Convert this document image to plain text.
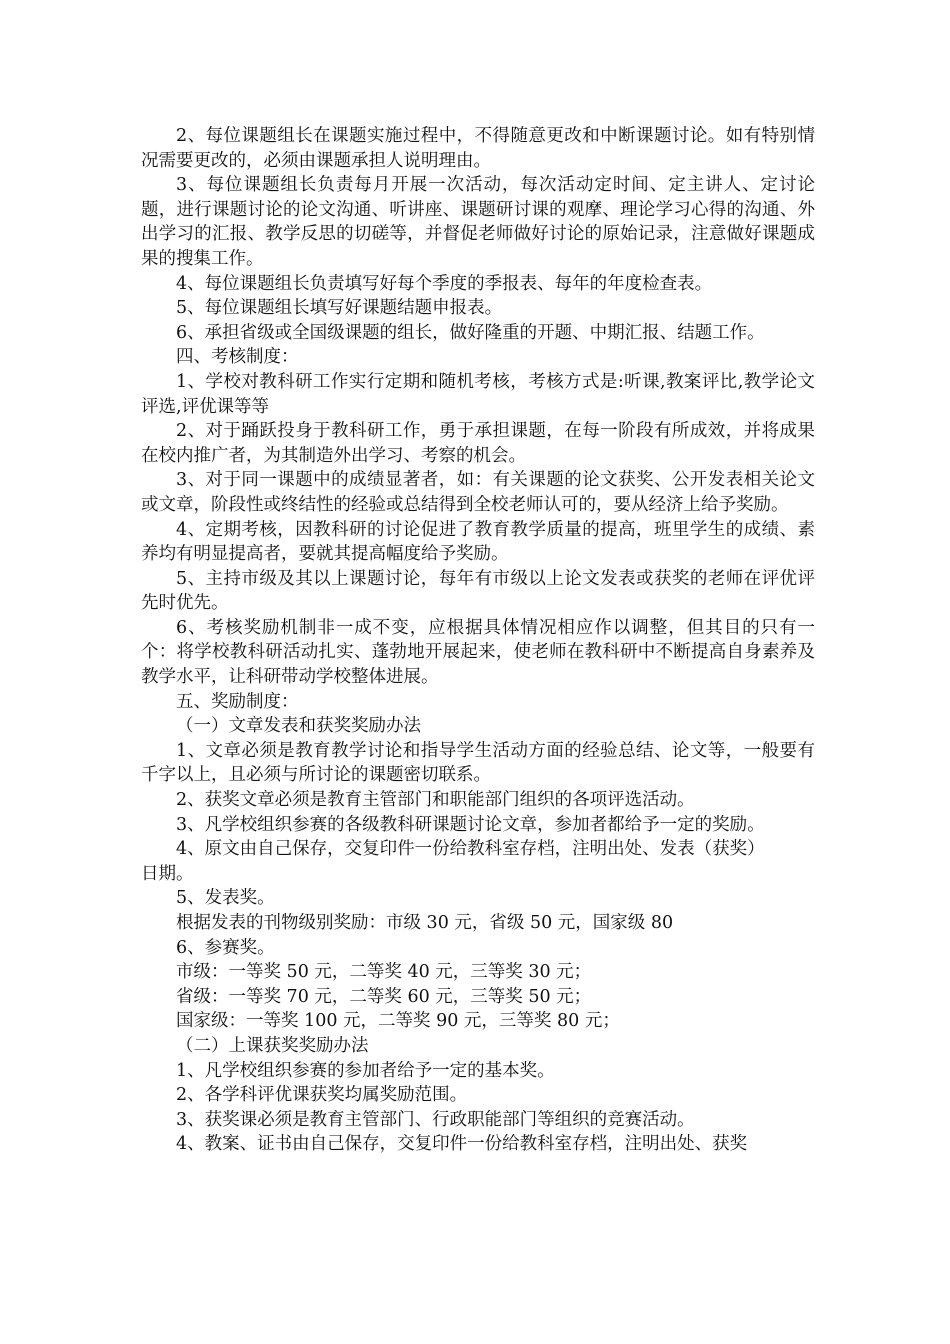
2、每位课题组长在课题实施过程中，不得随意更改和中断课题讨论。如有特别情况需要更改的，必须由课题承担人说明理由。

3、每位课题组长负责每月开展一次活动，每次活动定时间、定主讲人、定讨论题，进行课题讨论的论文沟通、听讲座、课题研讨课的观摩、理论学习心得的沟通、外出学习的汇报、教学反思的切磋等，并督促老师做好讨论的原始记录，注意做好课题成果的搜集工作。

4、每位课题组长负责填写好每个季度的季报表、每年的年度检查表。

5、每位课题组长填写好课题结题申报表。

6、承担省级或全国级课题的组长，做好隆重的开题、中期汇报、结题工作。

四、考核制度：

1、学校对教科研工作实行定期和随机考核，考核方式是:听课,教案评比,教学论文评选,评优课等等

2、对于踊跃投身于教科研工作，勇于承担课题，在每一阶段有所成效，并将成果在校内推广者，为其制造外出学习、考察的机会。

3、对于同一课题中的成绩显著者，如：有关课题的论文获奖、公开发表相关论文或文章，阶段性或终结性的经验或总结得到全校老师认可的，要从经济上给予奖励。

4、定期考核，因教科研的讨论促进了教育教学质量的提高，班里学生的成绩、素养均有明显提高者，要就其提高幅度给予奖励。

5、主持市级及其以上课题讨论，每年有市级以上论文发表或获奖的老师在评优评先时优先。

6、考核奖励机制非一成不变，应根据具体情况相应作以调整，但其目的只有一个：将学校教科研活动扎实、蓬勃地开展起来，使老师在教科研中不断提高自身素养及教学水平，让科研带动学校整体进展。

五、奖励制度：

（一）文章发表和获奖奖励办法

1、文章必须是教育教学讨论和指导学生活动方面的经验总结、论文等，一般要有千字以上，且必须与所讨论的课题密切联系。

2、获奖文章必须是教育主管部门和职能部门组织的各项评选活动。

3、凡学校组织参赛的各级教科研课题讨论文章，参加者都给予一定的奖励。

4、原文由自己保存，交复印件一份给教科室存档，注明出处、发表（获奖）

日期。

5、发表奖。

根据发表的刊物级别奖励：市级 30 元，省级 50 元，国家级 80

6、参赛奖。

市级：一等奖 50 元，二等奖 40 元，三等奖 30 元；

省级：一等奖 70 元，二等奖 60 元，三等奖 50 元；

国家级：一等奖 100 元，二等奖 90 元，三等奖 80 元；

（二）上课获奖奖励办法

1、凡学校组织参赛的参加者给予一定的基本奖。

2、各学科评优课获奖均属奖励范围。

3、获奖课必须是教育主管部门、行政职能部门等组织的竞赛活动。

4、教案、证书由自己保存，交复印件一份给教科室存档，注明出处、获奖
